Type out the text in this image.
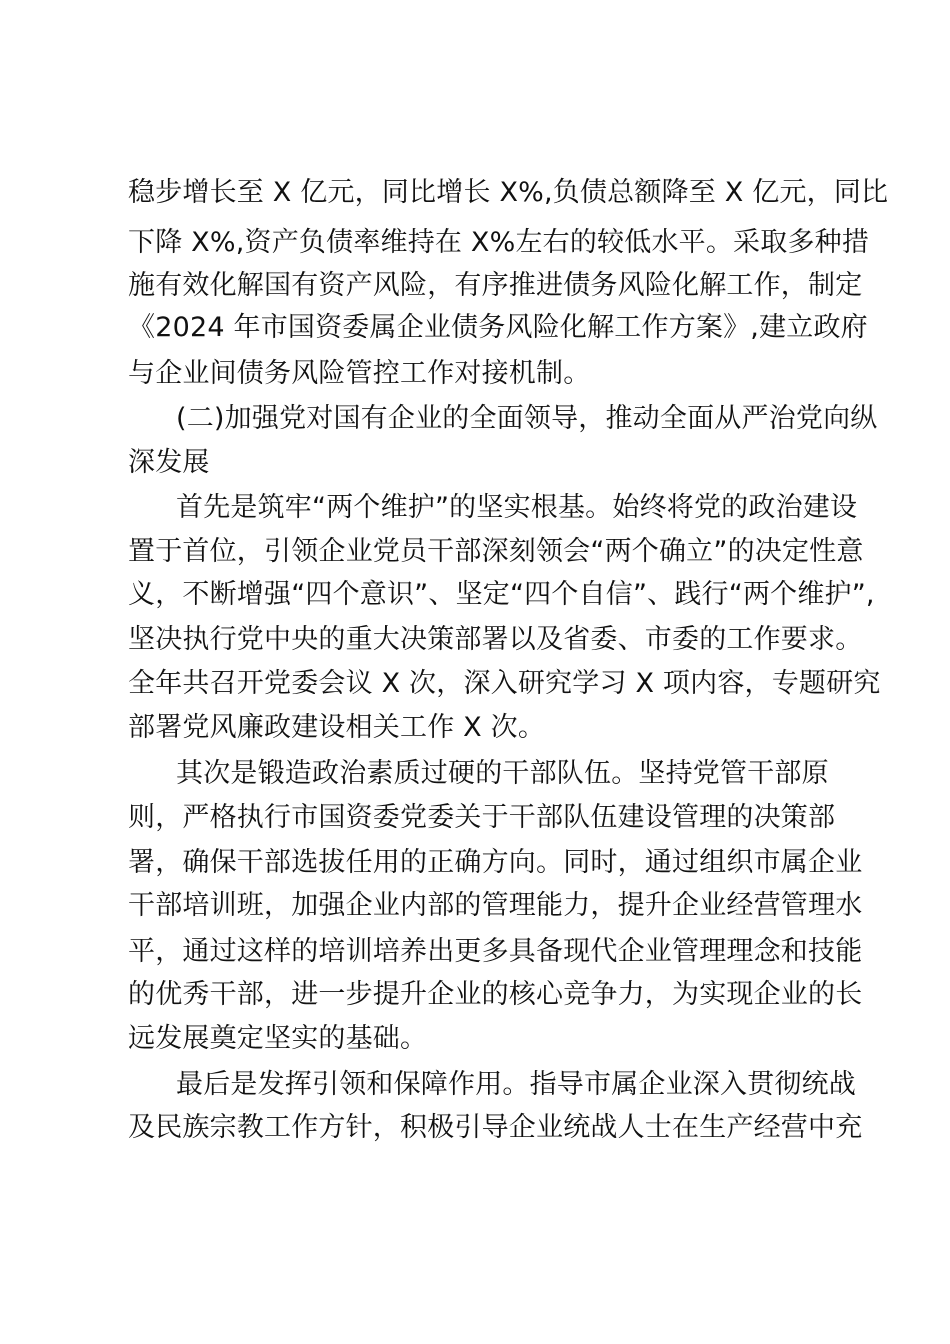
稳步增长至 X 亿元，同比增长 X%,负债总额降至 X 亿元，同比
下降 X%,资产负债率维持在 X%左右的较低水平。采取多种措
施有效化解国有资产风险，有序推进债务风险化解工作，制定
《2024 年市国资委属企业债务风险化解工作方案》,建立政府
与企业间债务风险管控工作对接机制。
(二)加强党对国有企业的全面领导，推动全面从严治党向纵
深发展
首先是筑牢“两个维护”的坚实根基。始终将党的政治建设
置于首位，引领企业党员干部深刻领会“两个确立”的决定性意
义，不断增强“四个意识”、坚定“四个自信”、践行“两个维护”,
坚决执行党中央的重大决策部署以及省委、市委的工作要求。
全年共召开党委会议 X 次，深入研究学习 X 项内容，专题研究
部署党风廉政建设相关工作 X 次。
其次是锻造政治素质过硬的干部队伍。坚持党管干部原
则，严格执行市国资委党委关于干部队伍建设管理的决策部
署，确保干部选拔任用的正确方向。同时，通过组织市属企业
干部培训班，加强企业内部的管理能力，提升企业经营管理水
平，通过这样的培训培养出更多具备现代企业管理理念和技能
的优秀干部，进一步提升企业的核心竞争力，为实现企业的长
远发展奠定坚实的基础。
最后是发挥引领和保障作用。指导市属企业深入贯彻统战
及民族宗教工作方针，积极引导企业统战人士在生产经营中充
